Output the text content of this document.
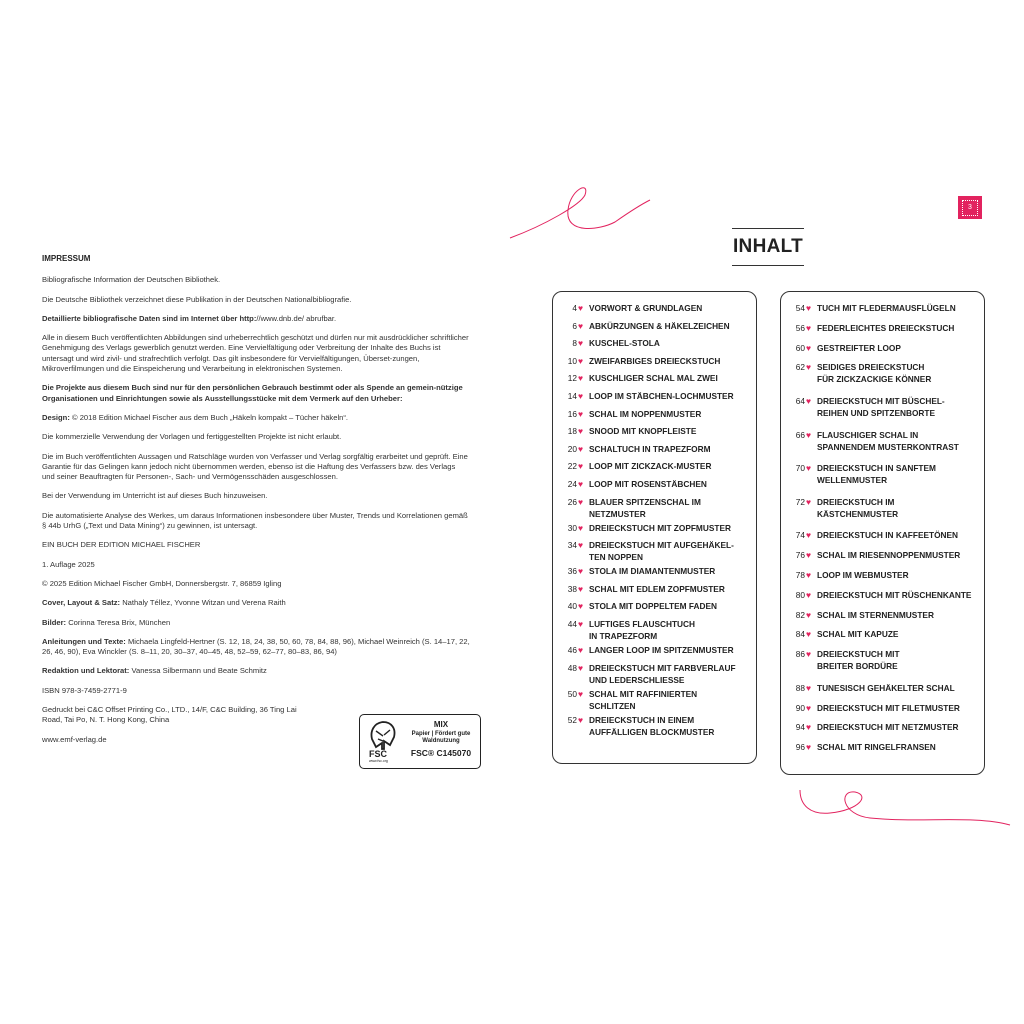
IMPRESSUM

Bibliografische Information der Deutschen Bibliothek.

Die Deutsche Bibliothek verzeichnet diese Publikation in der Deutschen Nationalbibliografie.

Detaillierte bibliografische Daten sind im Internet über http://www.dnb.de/ abrufbar.

Alle in diesem Buch veröffentlichten Abbildungen sind urheberrechtlich geschützt und dürfen nur mit ausdrücklicher schriftlicher Genehmigung des Verlags gewerblich genutzt werden. Eine Vervielfältigung oder Verbreitung der Inhalte des Buchs ist untersagt und wird zivil- und strafrechtlich verfolgt. Das gilt insbesondere für Vervielfältigungen, Überset-zungen, Mikroverfilmungen und die Einspeicherung und Verarbeitung in elektronischen Systemen.

Die Projekte aus diesem Buch sind nur für den persönlichen Gebrauch bestimmt oder als Spende an gemein-nützige Organisationen und Einrichtungen sowie als Ausstellungsstücke mit dem Vermerk auf den Urheber:

Design: © 2018 Edition Michael Fischer aus dem Buch „Häkeln kompakt – Tücher häkeln“.

Die kommerzielle Verwendung der Vorlagen und fertiggestellten Projekte ist nicht erlaubt.

Die im Buch veröffentlichten Aussagen und Ratschläge wurden von Verfasser und Verlag sorgfältig erarbeitet und geprüft. Eine Garantie für das Gelingen kann jedoch nicht übernommen werden, ebenso ist die Haftung des Verfassers bzw. des Verlags und seiner Beauftragten für Personen-, Sach- und Vermögensschäden ausgeschlossen.

Bei der Verwendung im Unterricht ist auf dieses Buch hinzuweisen.

Die automatisierte Analyse des Werkes, um daraus Informationen insbesondere über Muster, Trends und Korrelationen gemäß § 44b UrhG („Text und Data Mining“) zu gewinnen, ist untersagt.

EIN BUCH DER EDITION MICHAEL FISCHER

1. Auflage 2025

© 2025 Edition Michael Fischer GmbH, Donnersbergstr. 7, 86859 Igling

Cover, Layout & Satz: Nathaly Téllez, Yvonne Witzan und Verena Raith

Bilder: Corinna Teresa Brix, München

Anleitungen und Texte: Michaela Lingfeld-Hertner (S. 12, 18, 24, 38, 50, 60, 78, 84, 88, 96), Michael Weinreich (S. 14–17, 22, 26, 46, 90), Eva Winckler (S. 8–11, 20, 30–37, 40–45, 48, 52–59, 62–77, 80–83, 86, 94)

Redaktion und Lektorat: Vanessa Silbermann und Beate Schmitz

ISBN 978-3-7459-2771-9

Gedruckt bei C&C Offset Printing Co., LTD., 14/F, C&C Building, 36 Ting Lai Road, Tai Po, N. T. Hong Kong, China

www.emf-verlag.de

FSC
www.fsc.org
MIX
Papier | Fördert gute Waldnutzung
FSC® C145070
3
INHALT
4 ♥ VORWORT & GRUNDLAGEN
6 ♥ ABKÜRZUNGEN & HÄKELZEICHEN
8 ♥ KUSCHEL-STOLA
10 ♥ ZWEIFARBIGES DREIECKSTUCH
12 ♥ KUSCHLIGER SCHAL MAL ZWEI
14 ♥ LOOP IM STÄBCHEN-LOCHMUSTER
16 ♥ SCHAL IM NOPPENMUSTER
18 ♥ SNOOD MIT KNOPFLEISTE
20 ♥ SCHALTUCH IN TRAPEZFORM
22 ♥ LOOP MIT ZICKZACK-MUSTER
24 ♥ LOOP MIT ROSENSTÄBCHEN
26 ♥ BLAUER SPITZENSCHAL IM
NETZMUSTER
30 ♥ DREIECKSTUCH MIT ZOPFMUSTER
34 ♥ DREIECKSTUCH MIT AUFGEHÄKEL-
TEN NOPPEN
36 ♥ STOLA IM DIAMANTENMUSTER
38 ♥ SCHAL MIT EDLEM ZOPFMUSTER
40 ♥ STOLA MIT DOPPELTEM FADEN
44 ♥ LUFTIGES FLAUSCHTUCH
IN TRAPEZFORM
46 ♥ LANGER LOOP IM SPITZENMUSTER
48 ♥ DREIECKSTUCH MIT FARBVERLAUF
UND LEDERSCHLIESSE
50 ♥ SCHAL MIT RAFFINIERTEN
SCHLITZEN
52 ♥ DREIECKSTUCH IN EINEM
AUFFÄLLIGEN BLOCKMUSTER
54 ♥ TUCH MIT FLEDERMAUSFLÜGELN
56 ♥ FEDERLEICHTES DREIECKSTUCH
60 ♥ GESTREIFTER LOOP
62 ♥ SEIDIGES DREIECKSTUCH
FÜR ZICKZACKIGE KÖNNER
64 ♥ DREIECKSTUCH MIT BÜSCHEL-
REIHEN UND SPITZENBORTE
66 ♥ FLAUSCHIGER SCHAL IN
SPANNENDEM MUSTERKONTRAST
70 ♥ DREIECKSTUCH IN SANFTEM
WELLENMUSTER
72 ♥ DREIECKSTUCH IM
KÄSTCHENMUSTER
74 ♥ DREIECKSTUCH IN KAFFEETÖNEN
76 ♥ SCHAL IM RIESENNOPPENMUSTER
78 ♥ LOOP IM WEBMUSTER
80 ♥ DREIECKSTUCH MIT RÜSCHENKANTE
82 ♥ SCHAL IM STERNENMUSTER
84 ♥ SCHAL MIT KAPUZE
86 ♥ DREIECKSTUCH MIT
BREITER BORDÜRE
88 ♥ TUNESISCH GEHÄKELTER SCHAL
90 ♥ DREIECKSTUCH MIT FILETMUSTER
94 ♥ DREIECKSTUCH MIT NETZMUSTER
96 ♥ SCHAL MIT RINGELFRANSEN
